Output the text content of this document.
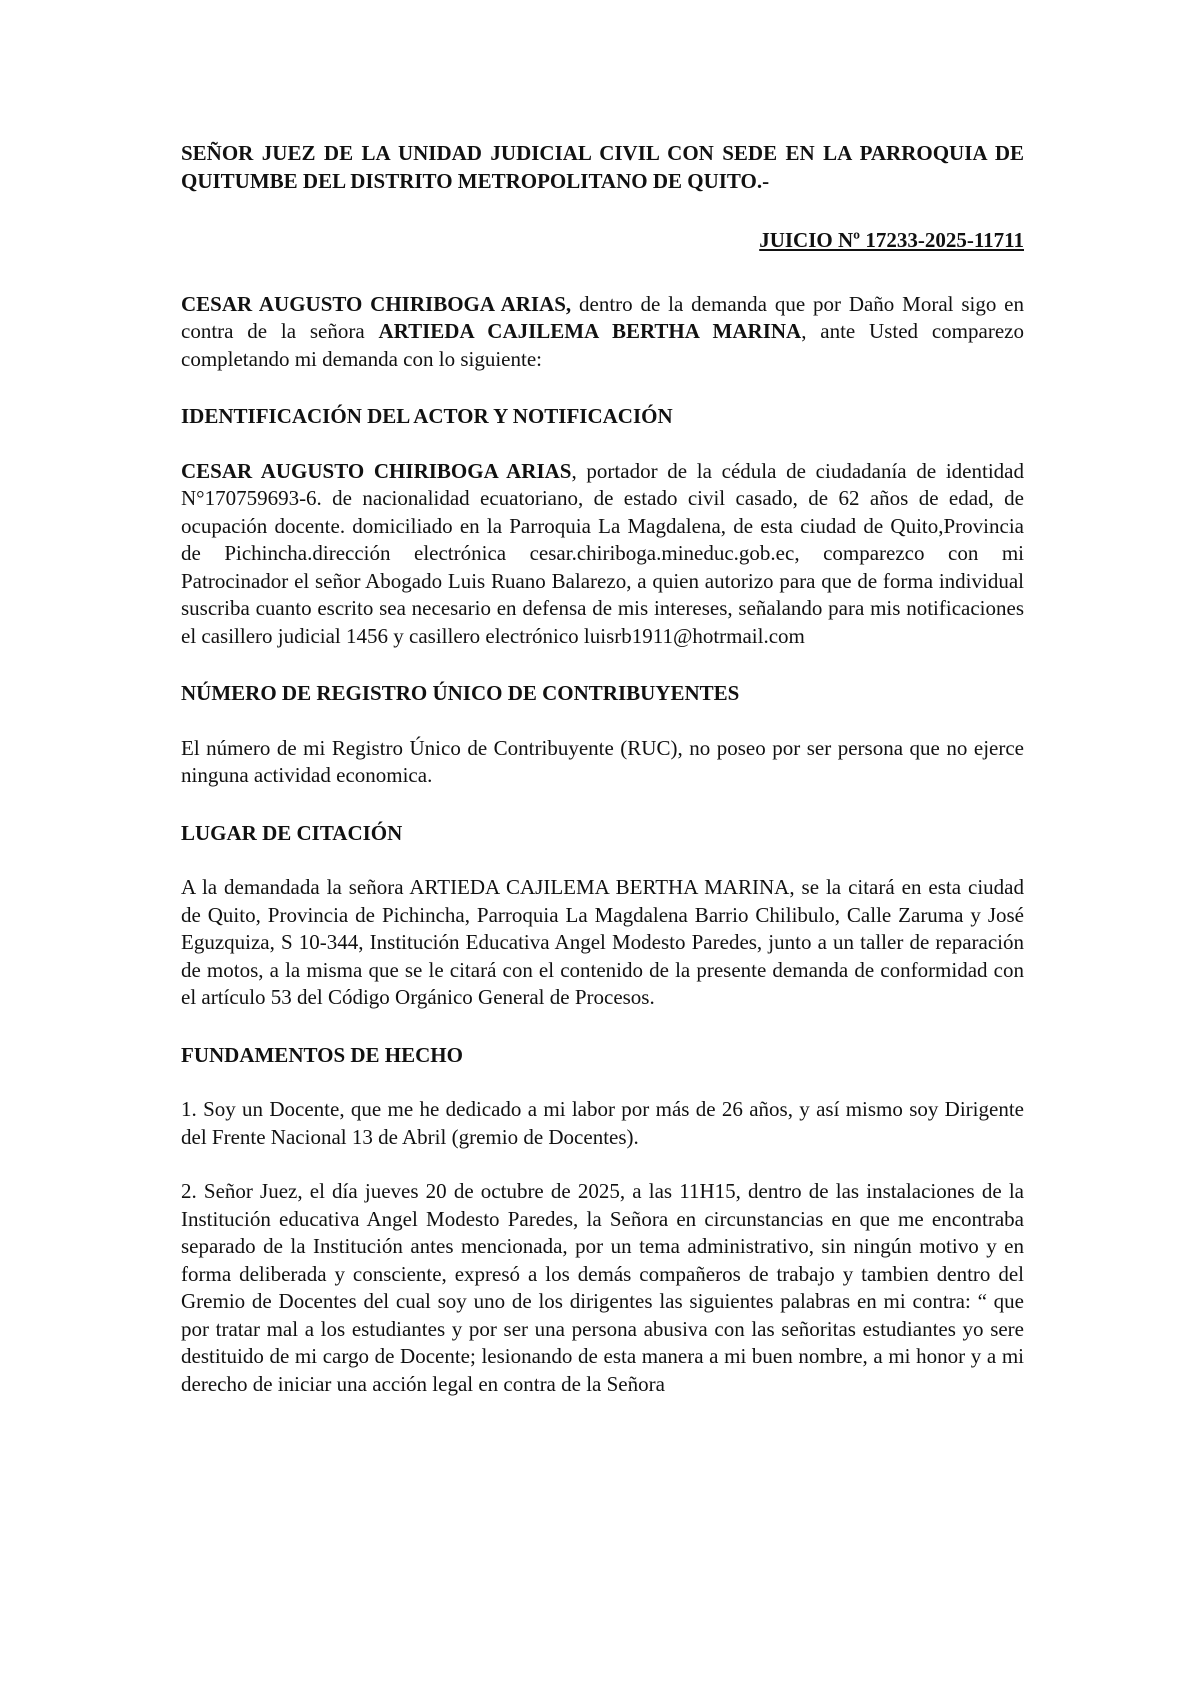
SEÑOR JUEZ DE LA UNIDAD JUDICIAL CIVIL CON SEDE EN LA PARROQUIA DE QUITUMBE DEL DISTRITO METROPOLITANO DE QUITO.-

JUICIO Nº 17233-2025-11711

CESAR AUGUSTO CHIRIBOGA ARIAS, dentro de la demanda que por Daño Moral sigo en contra de la señora ARTIEDA CAJILEMA BERTHA MARINA, ante Usted comparezo completando mi demanda con lo siguiente:

IDENTIFICACIÓN DEL ACTOR Y NOTIFICACIÓN

CESAR AUGUSTO CHIRIBOGA ARIAS, portador de la cédula de ciudadanía de identidad N°170759693-6. de nacionalidad ecuatoriano, de estado civil casado, de 62 años de edad, de ocupación docente. domiciliado en la Parroquia La Magdalena, de esta ciudad de Quito,Provincia de Pichincha.dirección electrónica cesar.chiriboga.mineduc.gob.ec, comparezco con mi Patrocinador el señor Abogado Luis Ruano Balarezo, a quien autorizo para que de forma individual suscriba cuanto escrito sea necesario en defensa de mis intereses, señalando para mis notificaciones el casillero judicial 1456 y casillero electrónico luisrb1911@hotrmail.com

NÚMERO DE REGISTRO ÚNICO DE CONTRIBUYENTES

El número de mi Registro Único de Contribuyente (RUC), no poseo por ser persona que no ejerce ninguna actividad economica.

LUGAR DE CITACIÓN

A la demandada la señora ARTIEDA CAJILEMA BERTHA MARINA, se la citará en esta ciudad de Quito, Provincia de Pichincha, Parroquia La Magdalena Barrio Chilibulo, Calle Zaruma y José Eguzquiza, S 10-344, Institución Educativa Angel Modesto Paredes, junto a un taller de reparación de motos, a la misma que se le citará con el contenido de la presente demanda de conformidad con el artículo 53 del Código Orgánico General de Procesos.

FUNDAMENTOS DE HECHO

1. Soy un Docente, que me he dedicado a mi labor por más de 26 años, y así mismo soy Dirigente del Frente Nacional 13 de Abril (gremio de Docentes).

2. Señor Juez, el día jueves 20 de octubre de 2025, a las 11H15, dentro de las instalaciones de la Institución educativa Angel Modesto Paredes, la Señora en circunstancias en que me encontraba separado de la Institución antes mencionada, por un tema administrativo, sin ningún motivo y en forma deliberada y consciente, expresó a los demás compañeros de trabajo y tambien dentro del Gremio de Docentes del cual soy uno de los dirigentes las siguientes palabras en mi contra: “ que por tratar mal a los estudiantes y por ser una persona abusiva con las señoritas estudiantes yo sere destituido de mi cargo de Docente; lesionando de esta manera a mi buen nombre, a mi honor y a mi derecho de iniciar una acción legal en contra de la Señora
